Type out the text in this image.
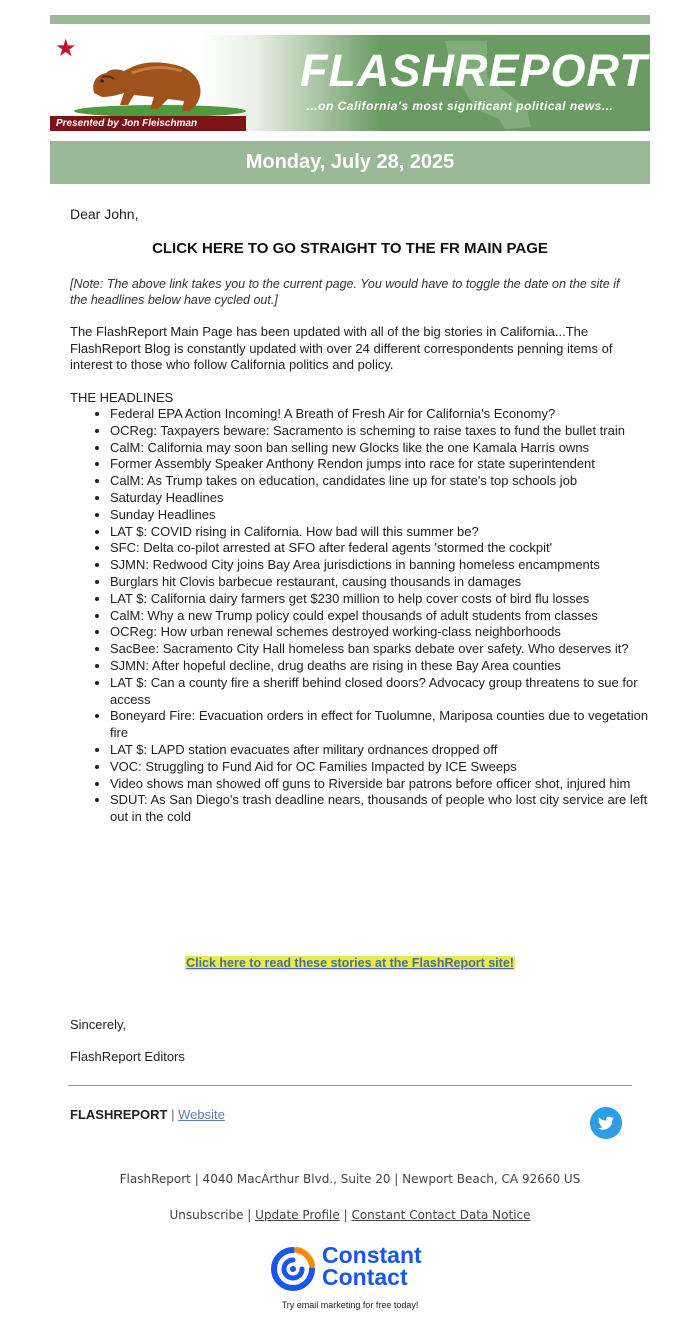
★
Presented by Jon Fleischman
FLASHREPORT
...on California's most significant political news...
Monday, July 28, 2025
Dear John,
CLICK HERE TO GO STRAIGHT TO THE FR MAIN PAGE
[Note: The above link takes you to the current page. You would have to toggle the date on the site if the headlines below have cycled out.]
The FlashReport Main Page has been updated with all of the big stories in California...The FlashReport Blog is constantly updated with over 24 different correspondents penning items of interest to those who follow California politics and policy.
THE HEADLINES
• Federal EPA Action Incoming! A Breath of Fresh Air for California's Economy?
• OCReg: Taxpayers beware: Sacramento is scheming to raise taxes to fund the bullet train
• CalM: California may soon ban selling new Glocks like the one Kamala Harris owns
• Former Assembly Speaker Anthony Rendon jumps into race for state superintendent
• CalM: As Trump takes on education, candidates line up for state's top schools job
• Saturday Headlines
• Sunday Headlines
• LAT $: COVID rising in California. How bad will this summer be?
• SFC: Delta co-pilot arrested at SFO after federal agents 'stormed the cockpit'
• SJMN: Redwood City joins Bay Area jurisdictions in banning homeless encampments
• Burglars hit Clovis barbecue restaurant, causing thousands in damages
• LAT $: California dairy farmers get $230 million to help cover costs of bird flu losses
• CalM: Why a new Trump policy could expel thousands of adult students from classes
• OCReg: How urban renewal schemes destroyed working-class neighborhoods
• SacBee: Sacramento City Hall homeless ban sparks debate over safety. Who deserves it?
• SJMN: After hopeful decline, drug deaths are rising in these Bay Area counties
• LAT $: Can a county fire a sheriff behind closed doors? Advocacy group threatens to sue for access
• Boneyard Fire: Evacuation orders in effect for Tuolumne, Mariposa counties due to vegetation fire
• LAT $: LAPD station evacuates after military ordnances dropped off
• VOC: Struggling to Fund Aid for OC Families Impacted by ICE Sweeps
• Video shows man showed off guns to Riverside bar patrons before officer shot, injured him
• SDUT: As San Diego's trash deadline nears, thousands of people who lost city service are left out in the cold
Click here to read these stories at the FlashReport site!
Sincerely,
FlashReport Editors
FLASHREPORT | Website
FlashReport | 4040 MacArthur Blvd., Suite 20 | Newport Beach, CA 92660 US
Unsubscribe | Update Profile | Constant Contact Data Notice
Constant
Contact
Try email marketing for free today!
